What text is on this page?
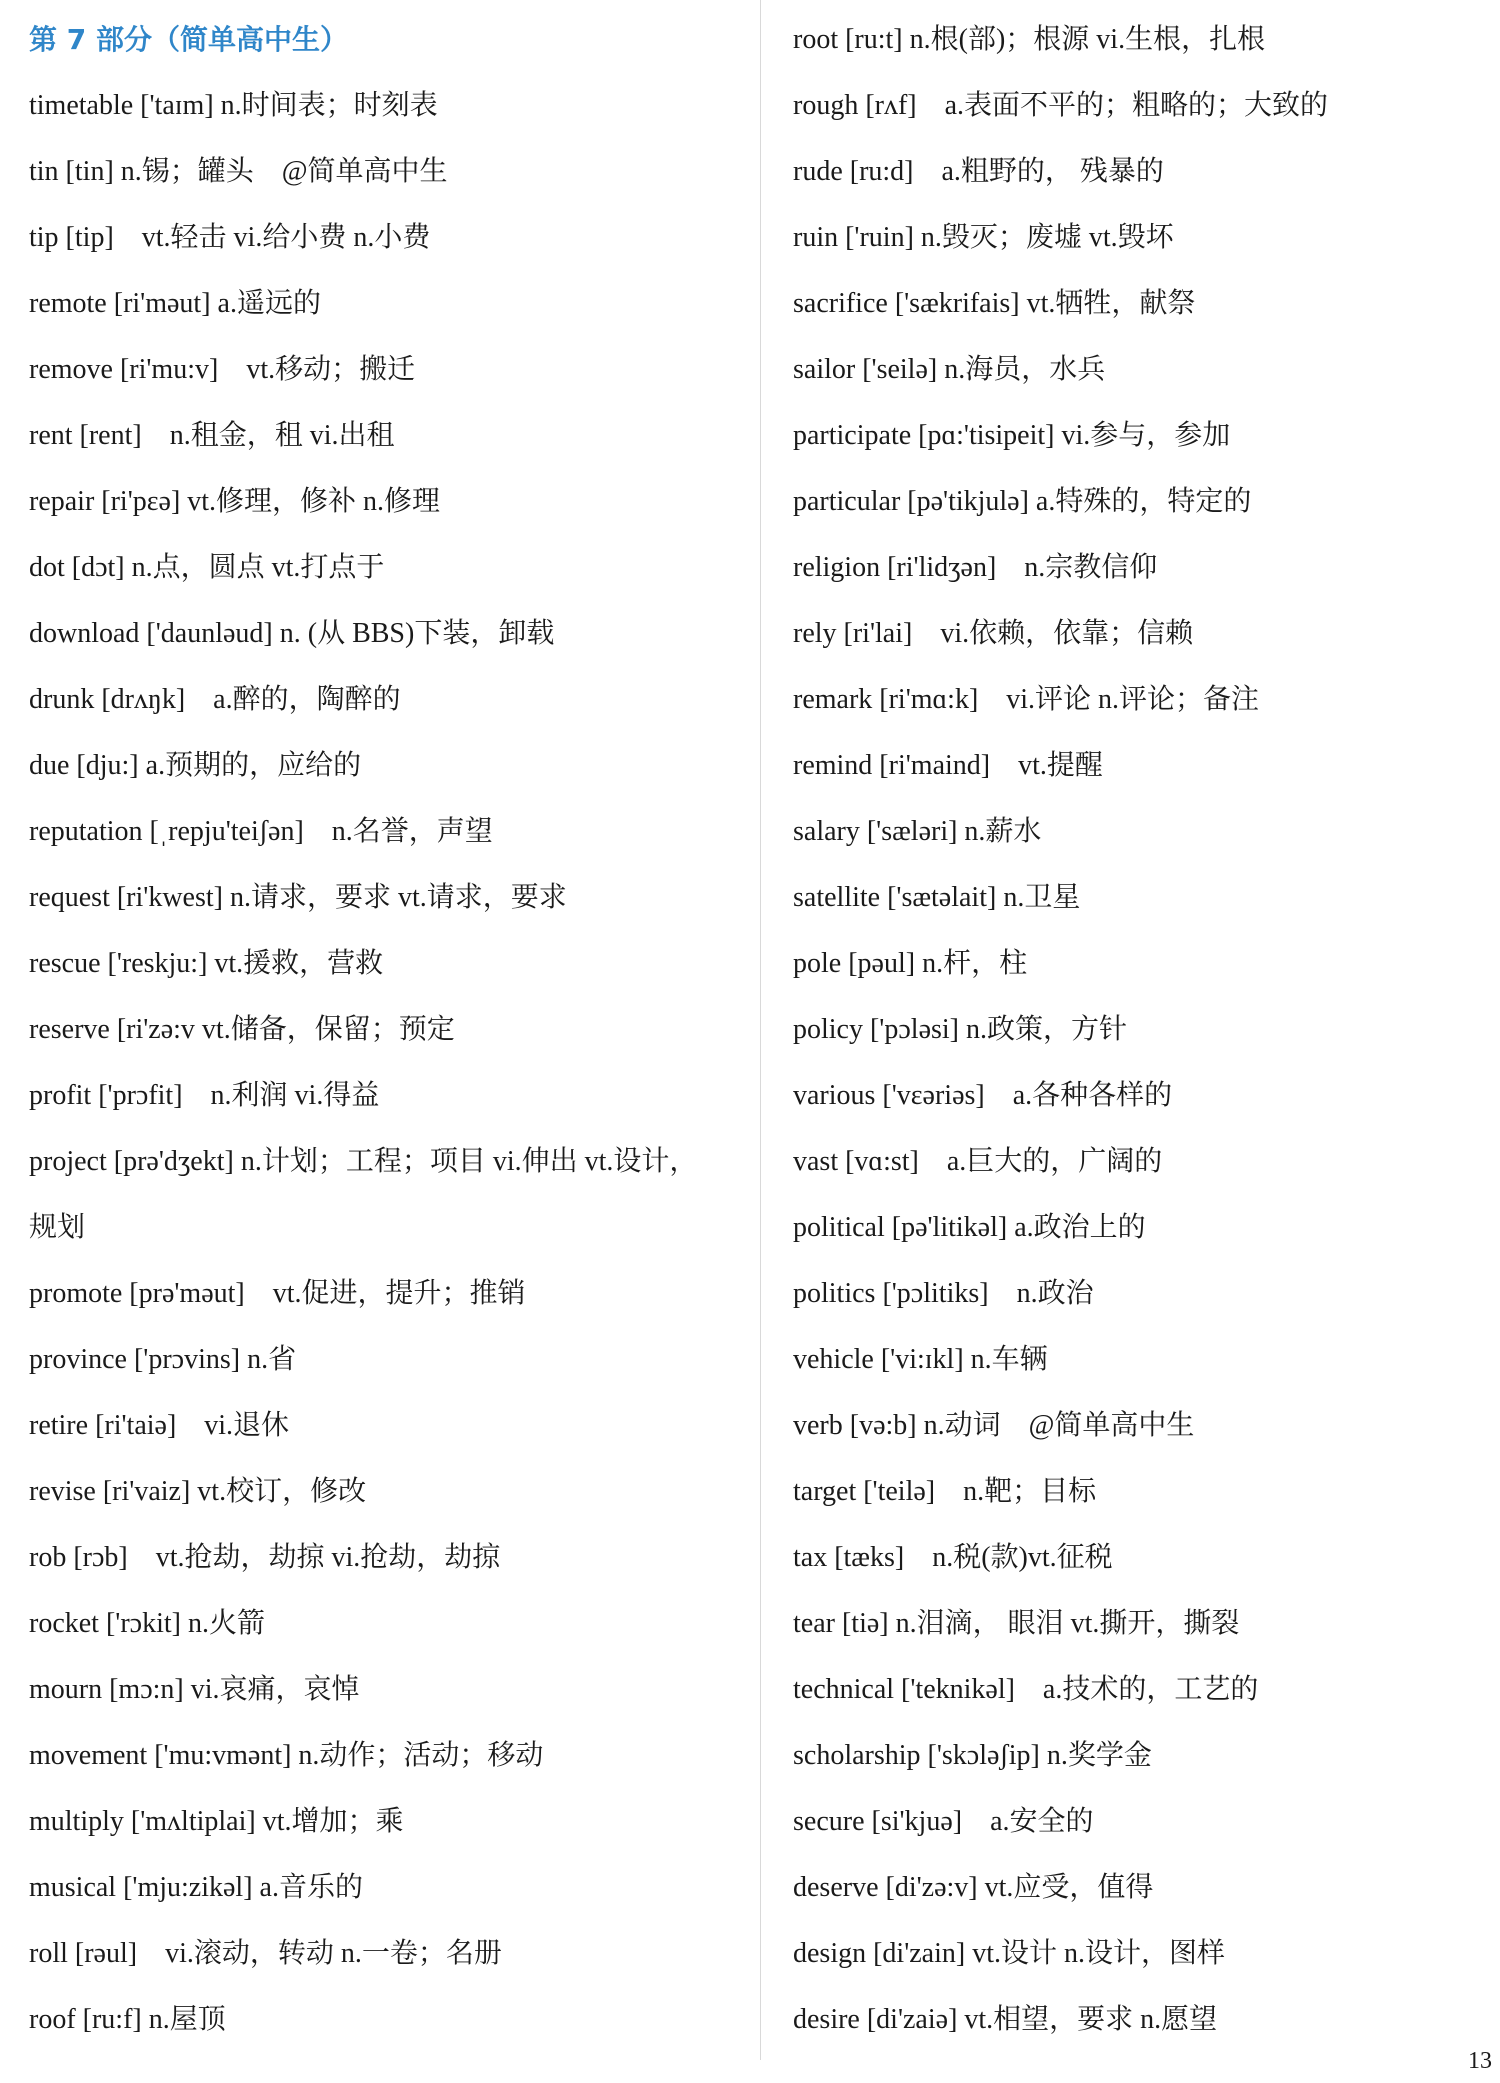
第 7 部分（简单高中生）
timetable ['taɪm] n.时间表；时刻表
tin [tin] n.锡；罐头　@简单高中生
tip [tip]　vt.轻击 vi.给小费 n.小费
remote [ri'məut] a.遥远的
remove [ri'mu:v]　vt.移动；搬迁
rent [rent]　n.租金，租 vi.出租
repair [ri'pɛə] vt.修理，修补 n.修理
dot [dɔt] n.点，圆点 vt.打点于
download ['daunləud] n. (从 BBS)下装，卸载
drunk [drʌŋk]　a.醉的，陶醉的
due [dju:] a.预期的，应给的
reputation [ˌrepju'teiʃən]　n.名誉，声望
request [ri'kwest] n.请求，要求 vt.请求，要求
rescue ['reskju:] vt.援救，营救
reserve [ri'zə:v vt.储备，保留；预定
profit ['prɔfit]　n.利润 vi.得益
project [prə'dʒekt] n.计划；工程；项目 vi.伸出 vt.设计，
规划
promote [prə'məut]　vt.促进，提升；推销
province ['prɔvins] n.省
retire [ri'taiə]　vi.退休
revise [ri'vaiz] vt.校订，修改
rob [rɔb]　vt.抢劫，劫掠 vi.抢劫，劫掠
rocket ['rɔkit] n.火箭
mourn [mɔ:n] vi.哀痛，哀悼
movement ['mu:vmənt] n.动作；活动；移动
multiply ['mʌltiplai] vt.增加；乘
musical ['mju:zikəl] a.音乐的
roll [rəul]　vi.滚动，转动 n.一卷；名册
roof [ru:f] n.屋顶
root [ru:t] n.根(部)；根源 vi.生根，扎根
rough [rʌf]　a.表面不平的；粗略的；大致的
rude [ru:d]　a.粗野的， 残暴的
ruin ['ruin] n.毁灭；废墟 vt.毁坏
sacrifice ['sækrifais] vt.牺牲，献祭
sailor ['seilə] n.海员，水兵
participate [pɑ:'tisipeit] vi.参与，参加
particular [pə'tikjulə] a.特殊的，特定的
religion [ri'lidʒən]　n.宗教信仰
rely [ri'lai]　vi.依赖，依靠；信赖
remark [ri'mɑ:k]　vi.评论 n.评论；备注
remind [ri'maind]　vt.提醒
salary ['sæləri] n.薪水
satellite ['sætəlait] n.卫星
pole [pəul] n.杆，柱
policy ['pɔləsi] n.政策，方针
various ['vɛəriəs]　a.各种各样的
vast [vɑ:st]　a.巨大的，广阔的
political [pə'litikəl] a.政治上的
politics ['pɔlitiks]　n.政治
vehicle ['vi:ɪkl] n.车辆
verb [və:b] n.动词　@简单高中生
target ['teilə]　n.靶；目标
tax [tæks]　n.税(款)vt.征税
tear [tiə] n.泪滴， 眼泪 vt.撕开，撕裂
technical ['teknikəl]　a.技术的，工艺的
scholarship ['skɔləʃip] n.奖学金
secure [si'kjuə]　a.安全的
deserve [di'zə:v] vt.应受，值得
design [di'zain] vt.设计 n.设计，图样
desire [di'zaiə] vt.相望，要求 n.愿望
13
